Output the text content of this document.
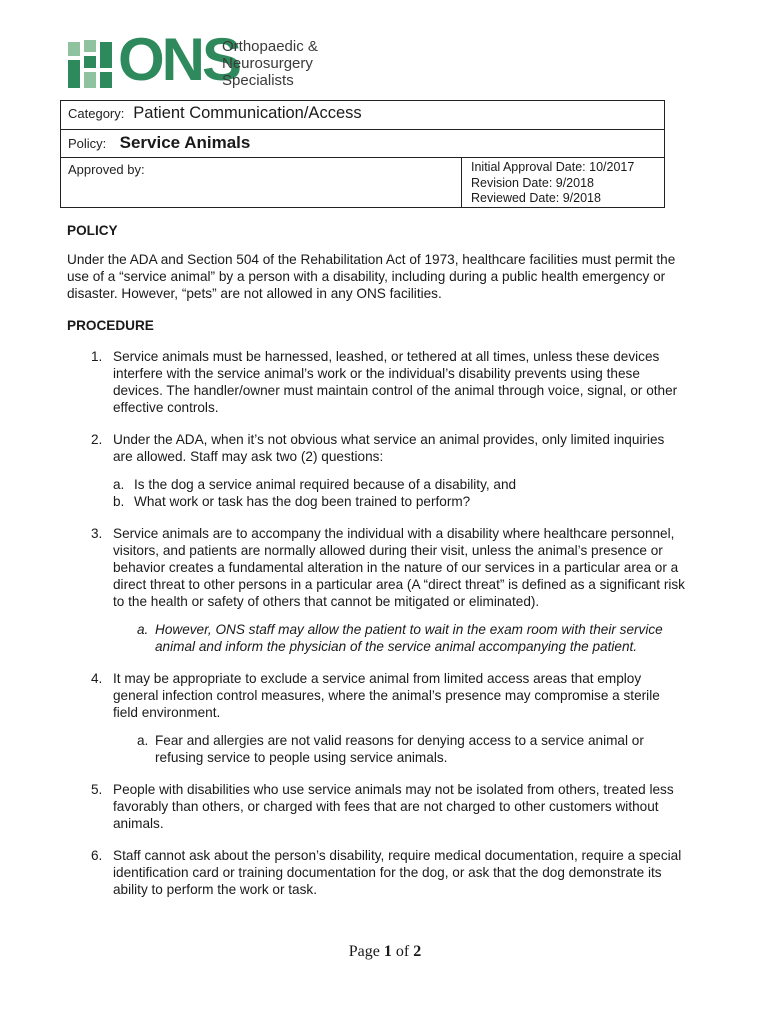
ONS
Orthopaedic &
Neurosurgery
Specialists
Category: Patient Communication/Access

Policy: Service Animals

Approved by:	Initial Approval Date: 10/2017
Revision Date: 9/2018
Reviewed Date: 9/2018

POLICY

Under the ADA and Section 504 of the Rehabilitation Act of 1973, healthcare facilities must permit the use of a “service animal” by a person with a disability, including during a public health emergency or disaster. However, “pets” are not allowed in any ONS facilities.

PROCEDURE

1. Service animals must be harnessed, leashed, or tethered at all times, unless these devices interfere with the service animal’s work or the individual’s disability prevents using these devices. The handler/owner must maintain control of the animal through voice, signal, or other effective controls.
2. Under the ADA, when it’s not obvious what service an animal provides, only limited inquiries are allowed. Staff may ask two (2) questions:
a. Is the dog a service animal required because of a disability, and
b. What work or task has the dog been trained to perform?
3. Service animals are to accompany the individual with a disability where healthcare personnel, visitors, and patients are normally allowed during their visit, unless the animal’s presence or behavior creates a fundamental alteration in the nature of our services in a particular area or a direct threat to other persons in a particular area (A “direct threat” is defined as a significant risk to the health or safety of others that cannot be mitigated or eliminated).
a. However, ONS staff may allow the patient to wait in the exam room with their service animal and inform the physician of the service animal accompanying the patient.
4. It may be appropriate to exclude a service animal from limited access areas that employ general infection control measures, where the animal’s presence may compromise a sterile field environment.
a. Fear and allergies are not valid reasons for denying access to a service animal or refusing service to people using service animals.
5. People with disabilities who use service animals may not be isolated from others, treated less favorably than others, or charged with fees that are not charged to other customers without animals.
6. Staff cannot ask about the person’s disability, require medical documentation, require a special identification card or training documentation for the dog, or ask that the dog demonstrate its ability to perform the work or task.
Page 1 of 2
